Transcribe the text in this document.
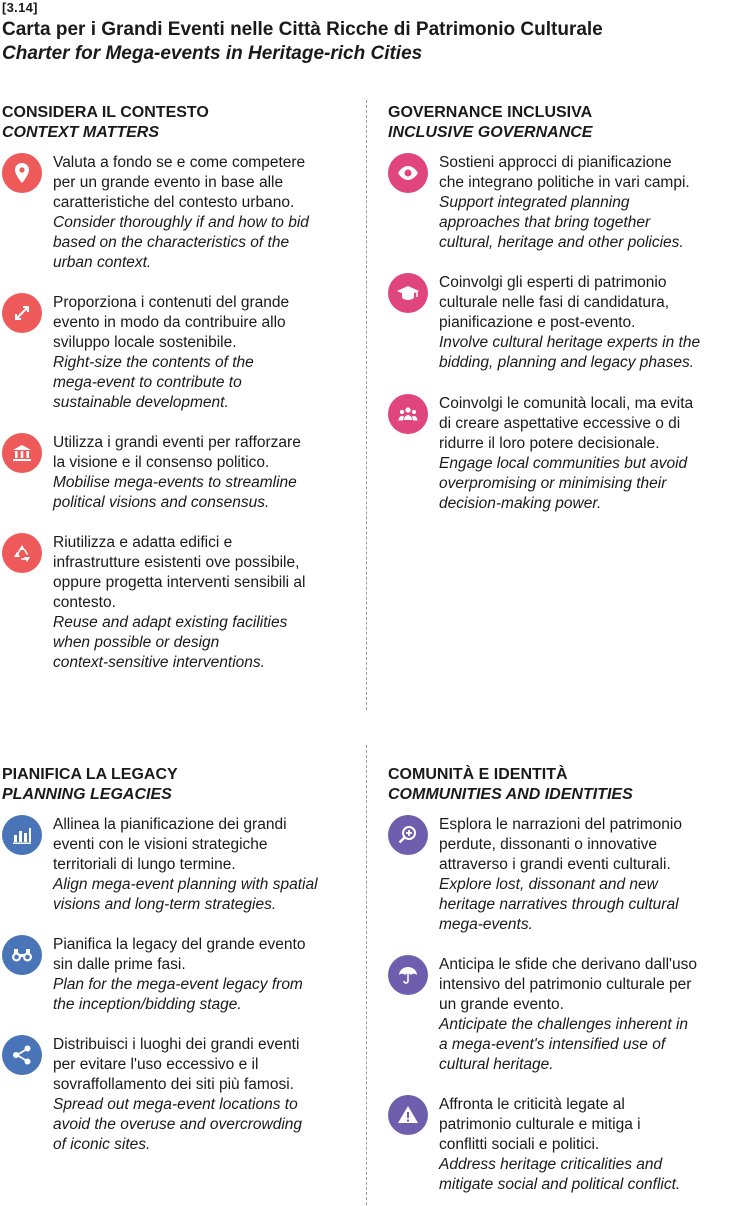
[3.14]
Carta per i Grandi Eventi nelle Città Ricche di Patrimonio Culturale
Charter for Mega-events in Heritage-rich Cities
CONSIDERA IL CONTESTO
CONTEXT MATTERS
Valuta a fondo se e come competere
per un grande evento in base alle
caratteristiche del contesto urbano.
Consider thoroughly if and how to bid
based on the characteristics of the
urban context.
Proporziona i contenuti del grande
evento in modo da contribuire allo
sviluppo locale sostenibile.
Right-size the contents of the
mega-event to contribute to
sustainable development.
Utilizza i grandi eventi per rafforzare
la visione e il consenso politico.
Mobilise mega-events to streamline
political visions and consensus.
Riutilizza e adatta edifici e
infrastrutture esistenti ove possibile,
oppure progetta interventi sensibili al
contesto.
Reuse and adapt existing facilities
when possible or design
context-sensitive interventions.
GOVERNANCE INCLUSIVA
INCLUSIVE GOVERNANCE
Sostieni approcci di pianificazione
che integrano politiche in vari campi.
Support integrated planning
approaches that bring together
cultural, heritage and other policies.
Coinvolgi gli esperti di patrimonio
culturale nelle fasi di candidatura,
pianificazione e post-evento.
Involve cultural heritage experts in the
bidding, planning and legacy phases.
Coinvolgi le comunità locali, ma evita
di creare aspettative eccessive o di
ridurre il loro potere decisionale.
Engage local communities but avoid
overpromising or minimising their
decision-making power.
PIANIFICA LA LEGACY
PLANNING LEGACIES
Allinea la pianificazione dei grandi
eventi con le visioni strategiche
territoriali di lungo termine.
Align mega-event planning with spatial
visions and long-term strategies.
Pianifica la legacy del grande evento
sin dalle prime fasi.
Plan for the mega-event legacy from
the inception/bidding stage.
Distribuisci i luoghi dei grandi eventi
per evitare l'uso eccessivo e il
sovraffollamento dei siti più famosi.
Spread out mega-event locations to
avoid the overuse and overcrowding
of iconic sites.
COMUNITÀ E IDENTITÀ
COMMUNITIES AND IDENTITIES
Esplora le narrazioni del patrimonio
perdute, dissonanti o innovative
attraverso i grandi eventi culturali.
Explore lost, dissonant and new
heritage narratives through cultural
mega-events.
Anticipa le sfide che derivano dall'uso
intensivo del patrimonio culturale per
un grande evento.
Anticipate the challenges inherent in
a mega-event's intensified use of
cultural heritage.
Affronta le criticità legate al
patrimonio culturale e mitiga i
conflitti sociali e politici.
Address heritage criticalities and
mitigate social and political conflict.
